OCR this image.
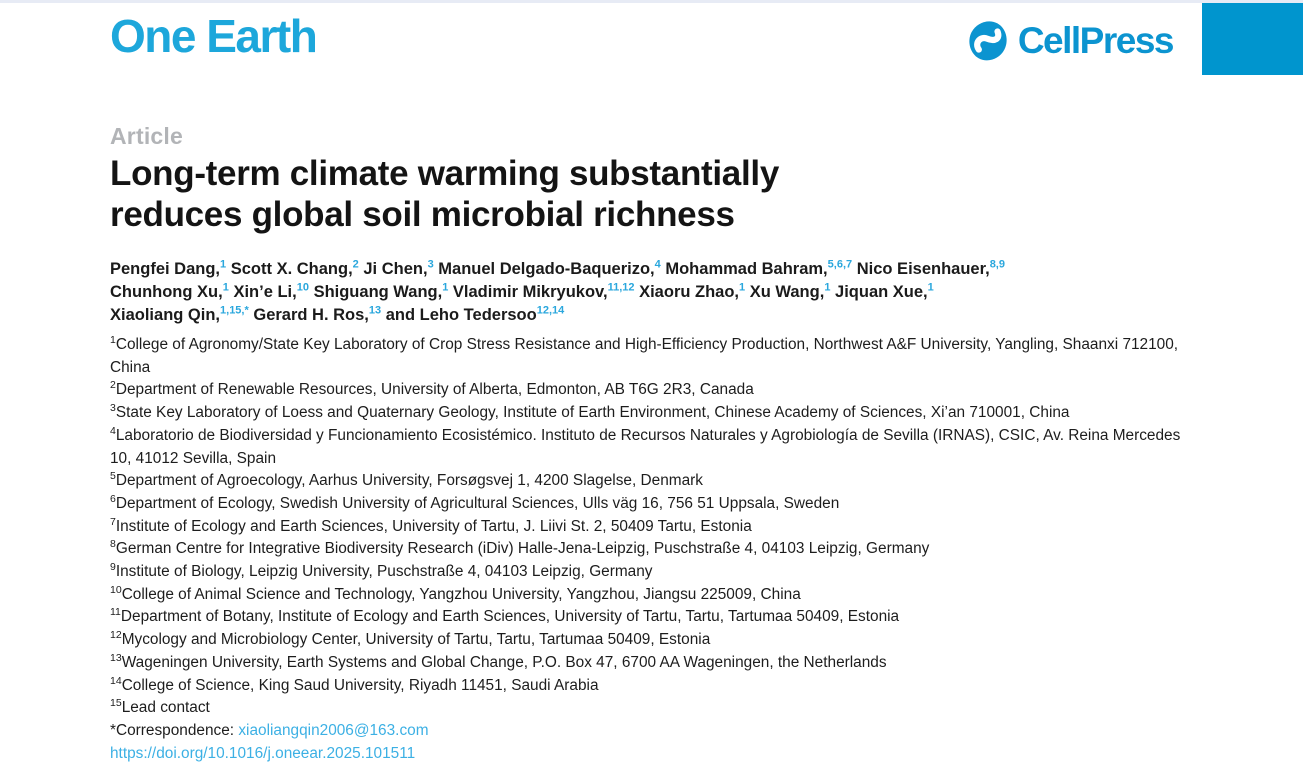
One Earth	CellPress
Article
Long-term climate warming substantially
reduces global soil microbial richness
Pengfei Dang,$^1$ Scott X. Chang,$^2$ Ji Chen,$^3$ Manuel Delgado-Baquerizo,$^4$ Mohammad Bahram,$^{5,6,7}$ Nico Eisenhauer,$^{8,9}$
Chunhong Xu,$^1$ Xin’e Li,$^{10}$ Shiguang Wang,$^1$ Vladimir Mikryukov,$^{11,12}$ Xiaoru Zhao,$^1$ Xu Wang,$^1$ Jiquan Xue,$^1$
Xiaoliang Qin,$^{1,15,*}$ Gerard H. Ros,$^{13}$ and Leho Tedersoo$^{12,14}$
$^1$College of Agronomy/State Key Laboratory of Crop Stress Resistance and High-Efficiency Production, Northwest A&F University, Yangling, Shaanxi 712100, China
$^2$Department of Renewable Resources, University of Alberta, Edmonton, AB T6G 2R3, Canada
$^3$State Key Laboratory of Loess and Quaternary Geology, Institute of Earth Environment, Chinese Academy of Sciences, Xi’an 710001, China
$^4$Laboratorio de Biodiversidad y Funcionamiento Ecosistémico. Instituto de Recursos Naturales y Agrobiología de Sevilla (IRNAS), CSIC, Av. Reina Mercedes 10, 41012 Sevilla, Spain
$^5$Department of Agroecology, Aarhus University, Forsøgsvej 1, 4200 Slagelse, Denmark
$^6$Department of Ecology, Swedish University of Agricultural Sciences, Ulls väg 16, 756 51 Uppsala, Sweden
$^7$Institute of Ecology and Earth Sciences, University of Tartu, J. Liivi St. 2, 50409 Tartu, Estonia
$^8$German Centre for Integrative Biodiversity Research (iDiv) Halle-Jena-Leipzig, Puschstraße 4, 04103 Leipzig, Germany
$^9$Institute of Biology, Leipzig University, Puschstraße 4, 04103 Leipzig, Germany
$^{10}$College of Animal Science and Technology, Yangzhou University, Yangzhou, Jiangsu 225009, China
$^{11}$Department of Botany, Institute of Ecology and Earth Sciences, University of Tartu, Tartu, Tartumaa 50409, Estonia
$^{12}$Mycology and Microbiology Center, University of Tartu, Tartu, Tartumaa 50409, Estonia
$^{13}$Wageningen University, Earth Systems and Global Change, P.O. Box 47, 6700 AA Wageningen, the Netherlands
$^{14}$College of Science, King Saud University, Riyadh 11451, Saudi Arabia
$^{15}$Lead contact
*Correspondence: xiaoliangqin2006@163.com
https://doi.org/10.1016/j.oneear.2025.101511
